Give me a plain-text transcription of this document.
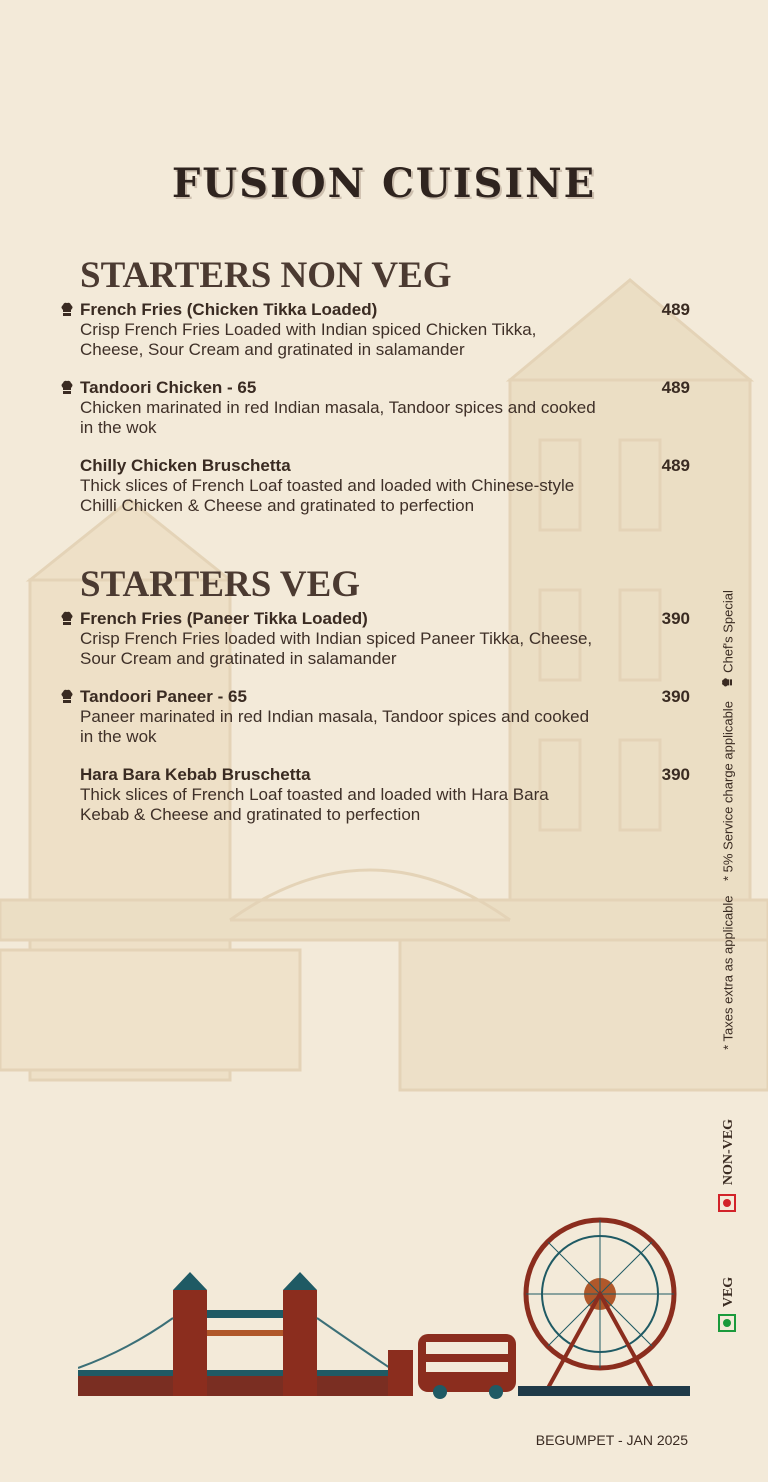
FUSION CUISINE
STARTERS NON VEG
French Fries (Chicken Tikka Loaded)
Crisp French Fries Loaded with Indian spiced Chicken Tikka, Cheese, Sour Cream and gratinated in salamander
489
Tandoori Chicken - 65
Chicken marinated in red Indian masala, Tandoor spices and cooked in the wok
489
Chilly Chicken Bruschetta
Thick slices of French Loaf toasted and loaded with Chinese-style Chilli Chicken & Cheese and gratinated to perfection
489
STARTERS VEG
French Fries (Paneer Tikka Loaded)
Crisp French Fries loaded with Indian spiced Paneer Tikka, Cheese, Sour Cream and gratinated in salamander
390
Tandoori Paneer - 65
Paneer marinated in red Indian masala, Tandoor spices and cooked in the wok
390
Hara Bara Kebab Bruschetta
Thick slices of French Loaf toasted and loaded with Hara Bara Kebab & Cheese and gratinated to perfection
390
* Taxes extra as applicable    * 5% Service charge applicable  Chef's Special
NON-VEG
VEG
BEGUMPET - JAN 2025
